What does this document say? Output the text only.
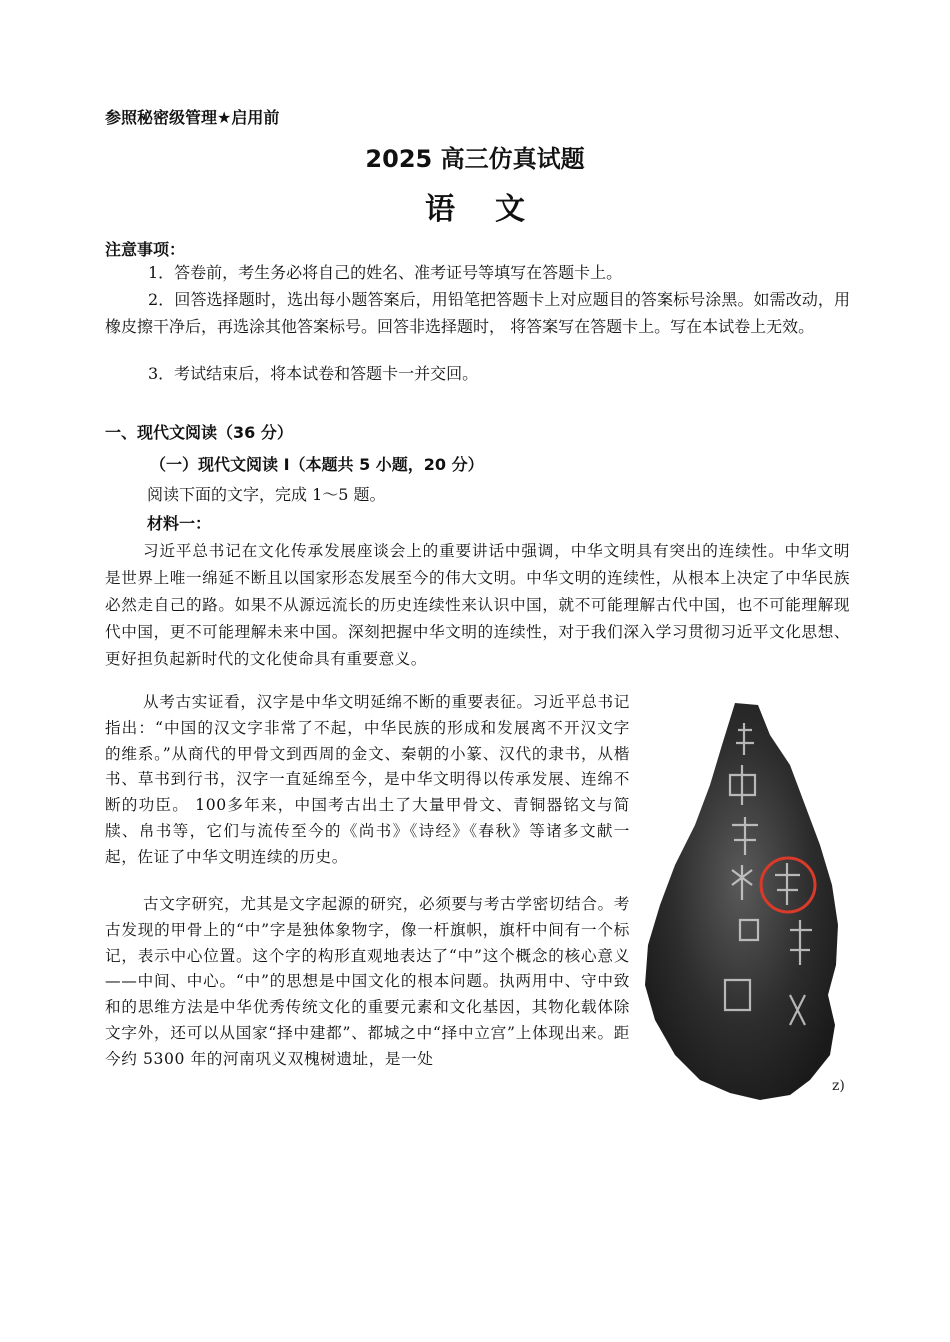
参照秘密级管理★启用前
2025 高三仿真试题
语文
注意事项：
1．答卷前，考生务必将自己的姓名、准考证号等填写在答题卡上。
2．回答选择题时，选出每小题答案后，用铅笔把答题卡上对应题目的答案标号涂黑。如需改动，用橡皮擦干净后，再选涂其他答案标号。回答非选择题时， 将答案写在答题卡上。写在本试卷上无效。
3．考试结束后，将本试卷和答题卡一并交回。
一、现代文阅读（36 分）
（一）现代文阅读 I（本题共 5 小题，20 分）
阅读下面的文字，完成 1～5 题。
材料一：
习近平总书记在文化传承发展座谈会上的重要讲话中强调，中华文明具有突出的连续性。中华文明是世界上唯一绵延不断且以国家形态发展至今的伟大文明。中华文明的连续性，从根本上决定了中华民族必然走自己的路。如果不从源远流长的历史连续性来认识中国，就不可能理解古代中国，也不可能理解现代中国，更不可能理解未来中国。深刻把握中华文明的连续性，对于我们深入学习贯彻习近平文化思想、更好担负起新时代的文化使命具有重要意义。
从考古实证看，汉字是中华文明延绵不断的重要表征。习近平总书记指出：“中国的汉文字非常了不起，中华民族的形成和发展离不开汉文字的维系。”从商代的甲骨文到西周的金文、秦朝的小篆、汉代的隶书，从楷书、草书到行书，汉字一直延绵至今，是中华文明得以传承发展、连绵不断的功臣。 100多年来，中国考古出土了大量甲骨文、青铜器铭文与简牍、帛书等，它们与流传至今的《尚书》《诗经》《春秋》等诸多文献一起，佐证了中华文明连续的历史。
古文字研究，尤其是文字起源的研究，必须要与考古学密切结合。考古发现的甲骨上的“中”字是独体象物字，像一杆旗帜，旗杆中间有一个标记，表示中心位置。这个字的构形直观地表达了“中”这个概念的核心意义——中间、中心。“中”的思想是中国文化的根本问题。执两用中、守中致和的思维方法是中华优秀传统文化的重要元素和文化基因，其物化载体除文字外，还可以从国家“择中建都”、都城之中“择中立宫”上体现出来。距今约 5300 年的河南巩义双槐树遗址，是一处
z)
